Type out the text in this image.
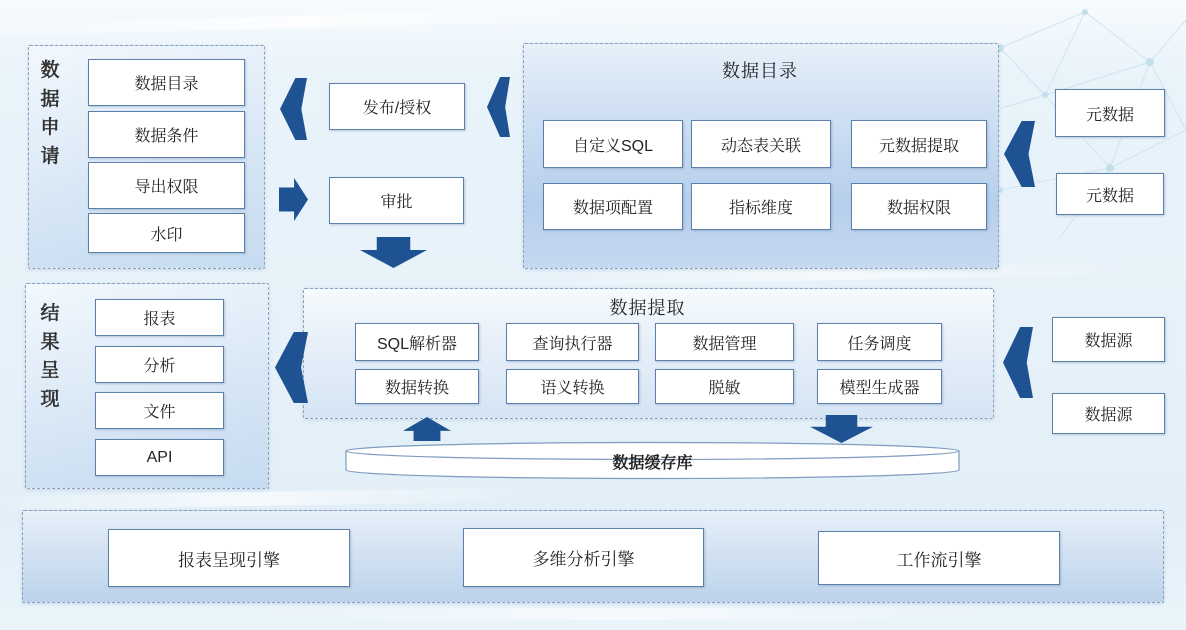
数据申请
数据目录
数据条件
导出权限
水印
发布/授权
审批
数据目录
自定义SQL	动态表关联	元数据提取
数据项配置	指标维度	数据权限
元数据
元数据
数据提取
SQL解析器	查询执行器	数据管理	任务调度
数据转换	语义转换	脱敏	模型生成器
数据源
数据源
结果呈现
报表
分析
文件
API	数据缓存库
报表呈现引擎	多维分析引擎	工作流引擎
